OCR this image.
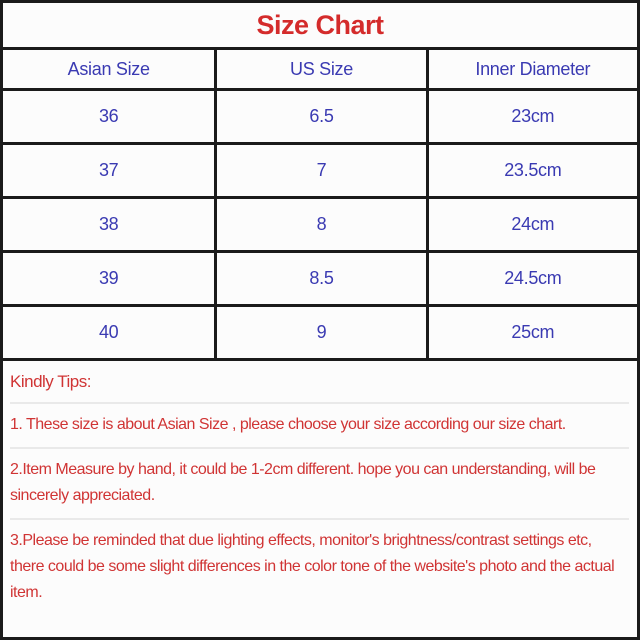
Size Chart
Asian Size	US Size	Inner Diameter
36	6.5	23cm
37	7	23.5cm
38	8	24cm
39	8.5	24.5cm
40	9	25cm
Kindly Tips:
1. These size is about Asian Size , please choose your size according our size chart.
2.Item Measure by hand, it could be 1-2cm different. hope you can understanding, will be sincerely appreciated.
3.Please be reminded that due lighting effects, monitor's brightness/contrast settings etc, there could be some slight differences in the color tone of the website's photo and the actual item.
